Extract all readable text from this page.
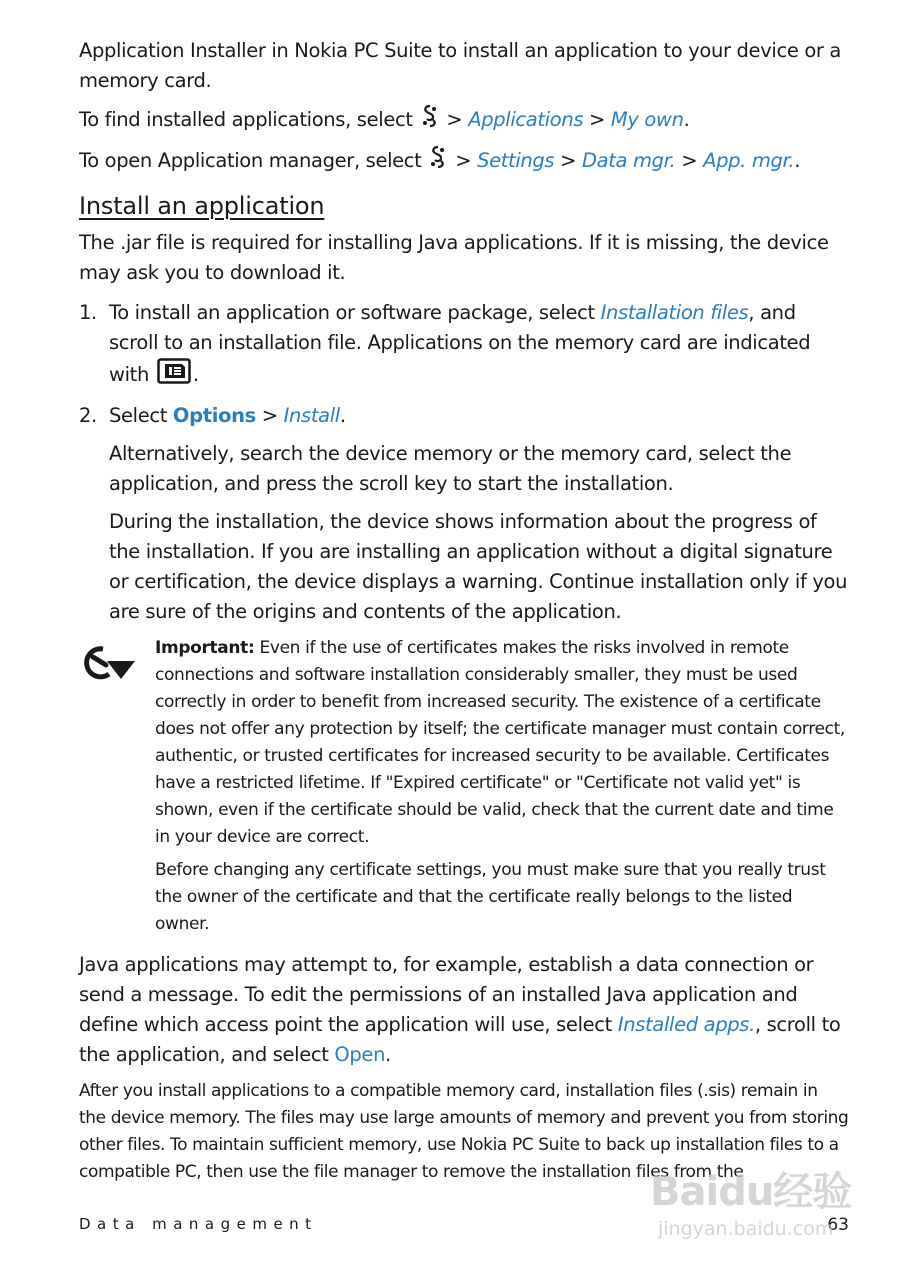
Application Installer in Nokia PC Suite to install an application to your device or a memory card.

To find installed applications, select > Applications > My own.

To open Application manager, select > Settings > Data mgr. > App. mgr..

Install an application

The .jar file is required for installing Java applications. If it is missing, the device may ask you to download it.

1. To install an application or software package, select Installation files, and scroll to an installation file. Applications on the memory card are indicated with .
2. Select Options > Install.

Alternatively, search the device memory or the memory card, select the application, and press the scroll key to start the installation.

During the installation, the device shows information about the progress of the installation. If you are installing an application without a digital signature or certification, the device displays a warning. Continue installation only if you are sure of the origins and contents of the application.

Important: Even if the use of certificates makes the risks involved in remote connections and software installation considerably smaller, they must be used correctly in order to benefit from increased security. The existence of a certificate does not offer any protection by itself; the certificate manager must contain correct, authentic, or trusted certificates for increased security to be available. Certificates have a restricted lifetime. If "Expired certificate" or "Certificate not valid yet" is shown, even if the certificate should be valid, check that the current date and time in your device are correct.

Before changing any certificate settings, you must make sure that you really trust the owner of the certificate and that the certificate really belongs to the listed owner.

Java applications may attempt to, for example, establish a data connection or send a message. To edit the permissions of an installed Java application and define which access point the application will use, select Installed apps., scroll to the application, and select Open.

After you install applications to a compatible memory card, installation files (.sis) remain in the device memory. The files may use large amounts of memory and prevent you from storing other files. To maintain sufficient memory, use Nokia PC Suite to back up installation files to a compatible PC, then use the file manager to remove the installation files from the

Data management	63
Baidu经验
jingyan.baidu.com
